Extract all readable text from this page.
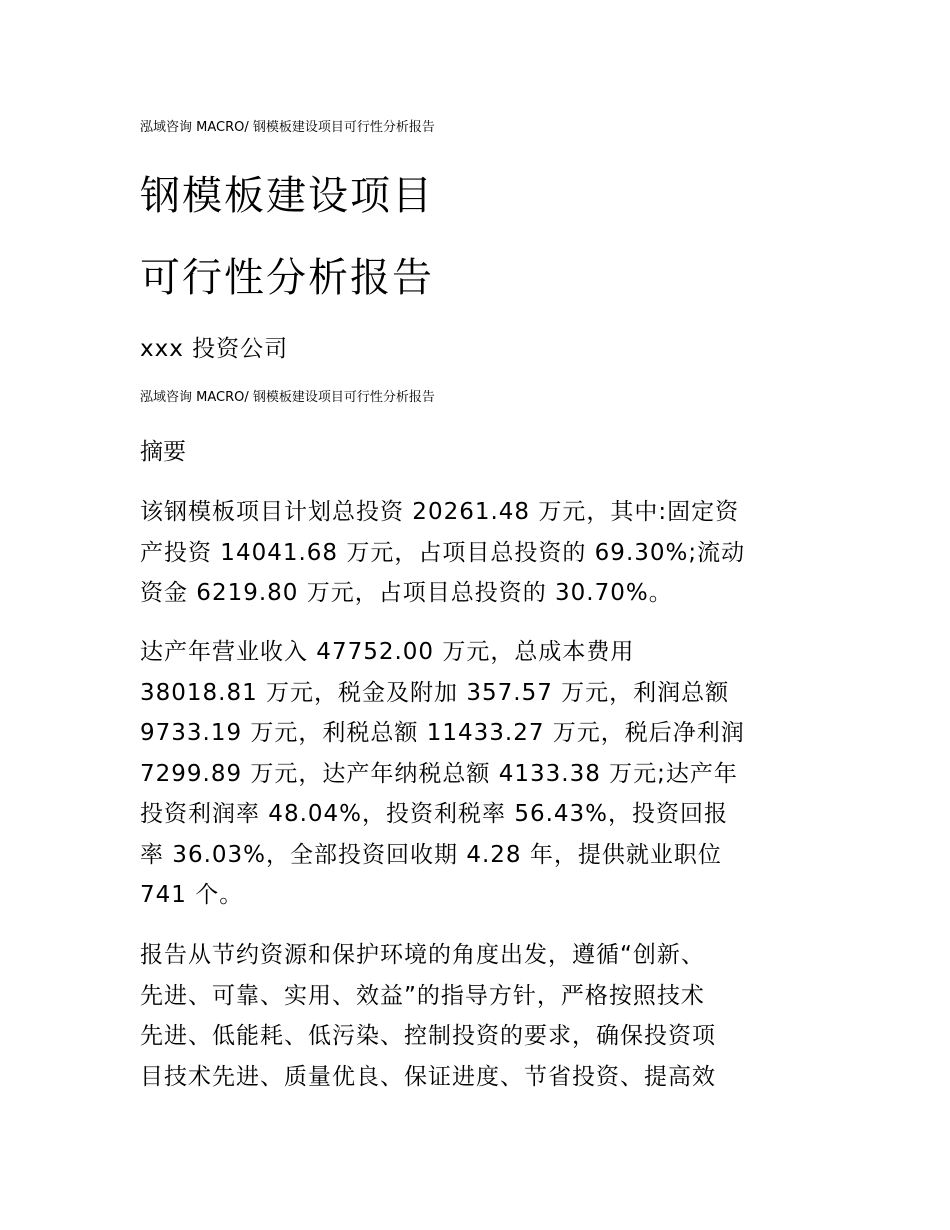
泓域咨询 MACRO/ 钢模板建设项目可行性分析报告
钢模板建设项目
可行性分析报告
xxx 投资公司
泓域咨询 MACRO/ 钢模板建设项目可行性分析报告
摘要
该钢模板项目计划总投资 20261.48 万元，其中:固定资
产投资 14041.68 万元，占项目总投资的 69.30%;流动
资金 6219.80 万元，占项目总投资的 30.70%。
达产年营业收入 47752.00 万元，总成本费用
38018.81 万元，税金及附加 357.57 万元，利润总额
9733.19 万元，利税总额 11433.27 万元，税后净利润
7299.89 万元，达产年纳税总额 4133.38 万元;达产年
投资利润率 48.04%，投资利税率 56.43%，投资回报
率 36.03%，全部投资回收期 4.28 年，提供就业职位
741 个。
报告从节约资源和保护环境的角度出发，遵循“创新、
先进、可靠、实用、效益”的指导方针，严格按照技术
先进、低能耗、低污染、控制投资的要求，确保投资项
目技术先进、质量优良、保证进度、节省投资、提高效
